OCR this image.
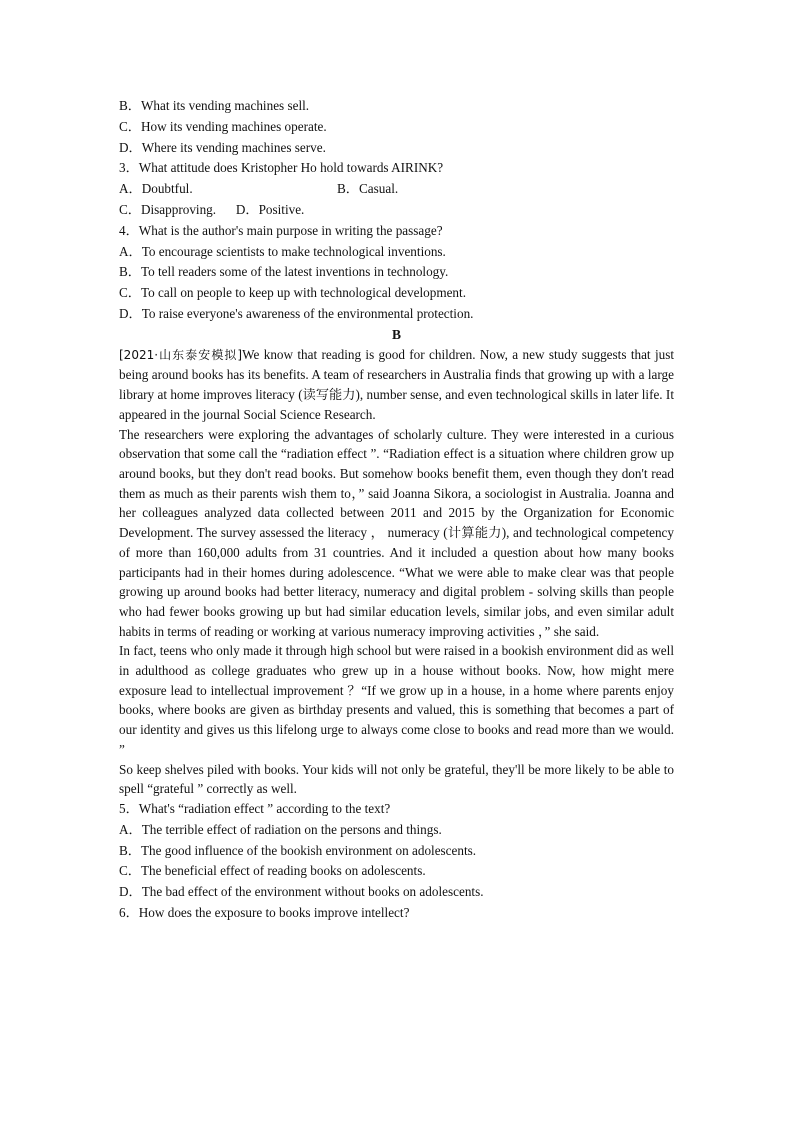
B．What its vending machines sell.
C．How its vending machines operate.
D．Where its vending machines serve.
3．What attitude does Kristopher Ho hold towards AIRINK?
A．Doubtful.	B．Casual.
C．Disapproving.      D．Positive.
4．What is the author's main purpose in writing the passage?
A．To encourage scientists to make technological inventions.
B．To tell readers some of the latest inventions in technology.
C．To call on people to keep up with technological development.
D．To raise everyone's awareness of the environmental protection.
B
[2021·山东泰安模拟]We know that reading is good for children. Now, a new study suggests that just being around books has its benefits. A team of researchers in Australia finds that growing up with a large library at home improves literacy (读写能力), number sense, and even technological skills in later life. It appeared in the journal Social Science Research.
The researchers were exploring the advantages of scholarly culture. They were interested in a curious observation that some call the “radiation effect ”. “Radiation effect is a situation where children grow up around books, but they don't read books. But somehow books benefit them, even though they don't read them as much as their parents wish them to，” said Joanna Sikora, a sociologist in Australia. Joanna and her colleagues analyzed data collected between 2011 and 2015 by the Organization for Economic Development. The survey assessed the literacy ， numeracy (计算能力), and technological competency of more than 160,000 adults from 31 countries. And it included a question about how many books participants had in their homes during adolescence. “What we were able to make clear was that people growing up around books had better literacy, numeracy and digital problem - solving skills than people who had fewer books growing up but had similar education levels, similar jobs, and even similar adult habits in terms of reading or working at various numeracy improving activities ，” she said.
In fact, teens who only made it through high school but were raised in a bookish environment did as well in adulthood as college graduates who grew up in a house without books. Now, how might mere exposure lead to intellectual improvement ？“If we grow up in a house, in a home where parents enjoy books, where books are given as birthday presents and valued, this is something that becomes a part of our identity and gives us this lifelong urge to always come close to books and read more than we would. ”
So keep shelves piled with books. Your kids will not only be grateful, they'll be more likely to be able to spell “grateful ” correctly as well.
5．What's “radiation effect ” according to the text?
A．The terrible effect of radiation on the persons and things.
B．The good influence of the bookish environment on adolescents.
C．The beneficial effect of reading books on adolescents.
D．The bad effect of the environment without books on adolescents.
6．How does the exposure to books improve intellect?
